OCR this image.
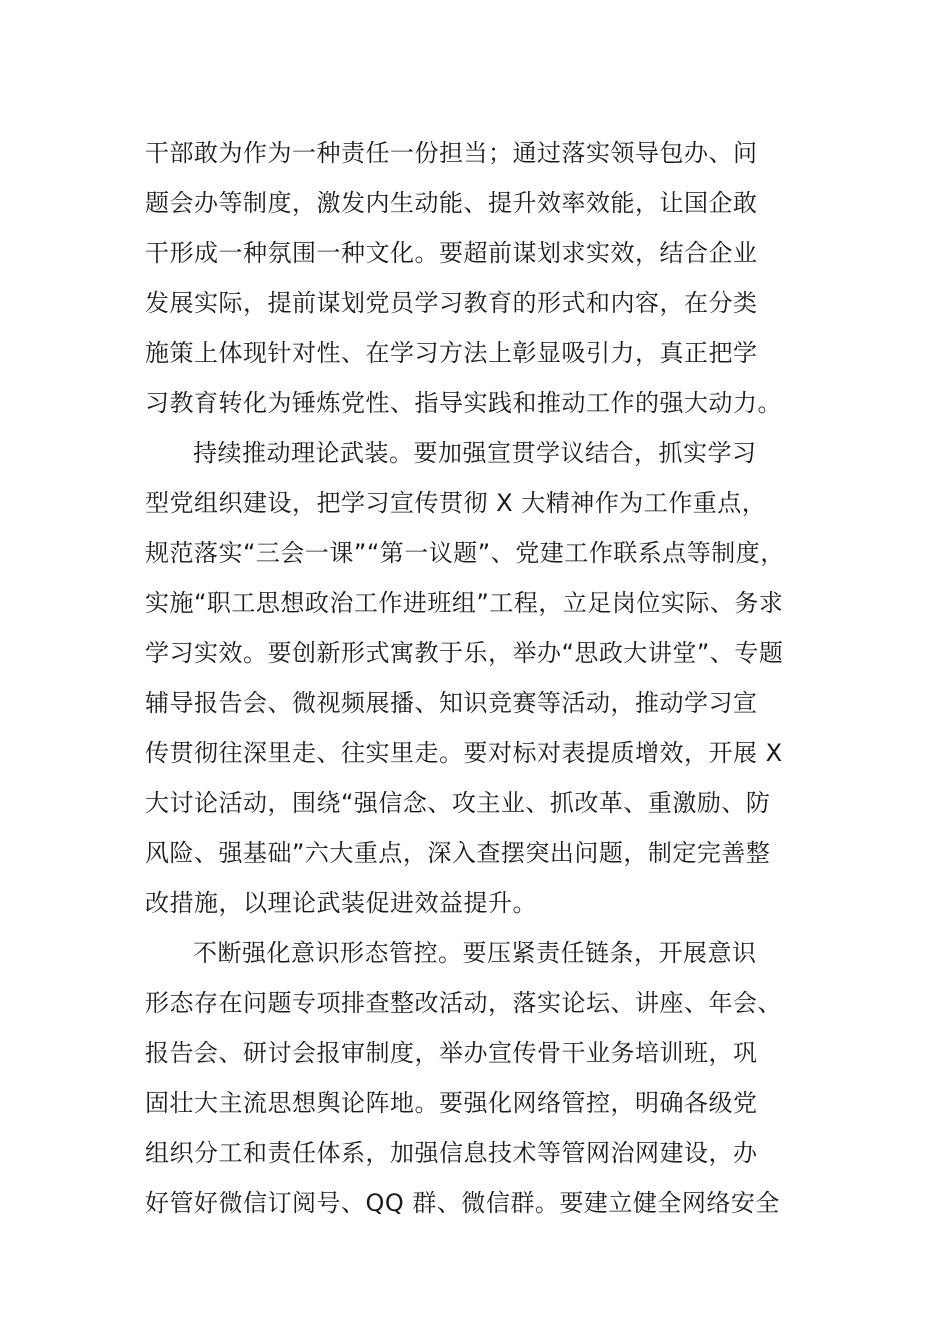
干部敢为作为一种责任一份担当；通过落实领导包办、问
题会办等制度，激发内生动能、提升效率效能，让国企敢
干形成一种氛围一种文化。要超前谋划求实效，结合企业
发展实际，提前谋划党员学习教育的形式和内容，在分类
施策上体现针对性、在学习方法上彰显吸引力，真正把学
习教育转化为锤炼党性、指导实践和推动工作的强大动力。
持续推动理论武装。要加强宣贯学议结合，抓实学习
型党组织建设，把学习宣传贯彻 X 大精神作为工作重点，
规范落实“三会一课”“第一议题”、党建工作联系点等制度，
实施“职工思想政治工作进班组”工程，立足岗位实际、务求
学习实效。要创新形式寓教于乐，举办“思政大讲堂”、专题
辅导报告会、微视频展播、知识竞赛等活动，推动学习宣
传贯彻往深里走、往实里走。要对标对表提质增效，开展 X
大讨论活动，围绕“强信念、攻主业、抓改革、重激励、防
风险、强基础”六大重点，深入查摆突出问题，制定完善整
改措施，以理论武装促进效益提升。
不断强化意识形态管控。要压紧责任链条，开展意识
形态存在问题专项排查整改活动，落实论坛、讲座、年会、
报告会、研讨会报审制度，举办宣传骨干业务培训班，巩
固壮大主流思想舆论阵地。要强化网络管控，明确各级党
组织分工和责任体系，加强信息技术等管网治网建设，办
好管好微信订阅号、QQ 群、微信群。要建立健全网络安全
